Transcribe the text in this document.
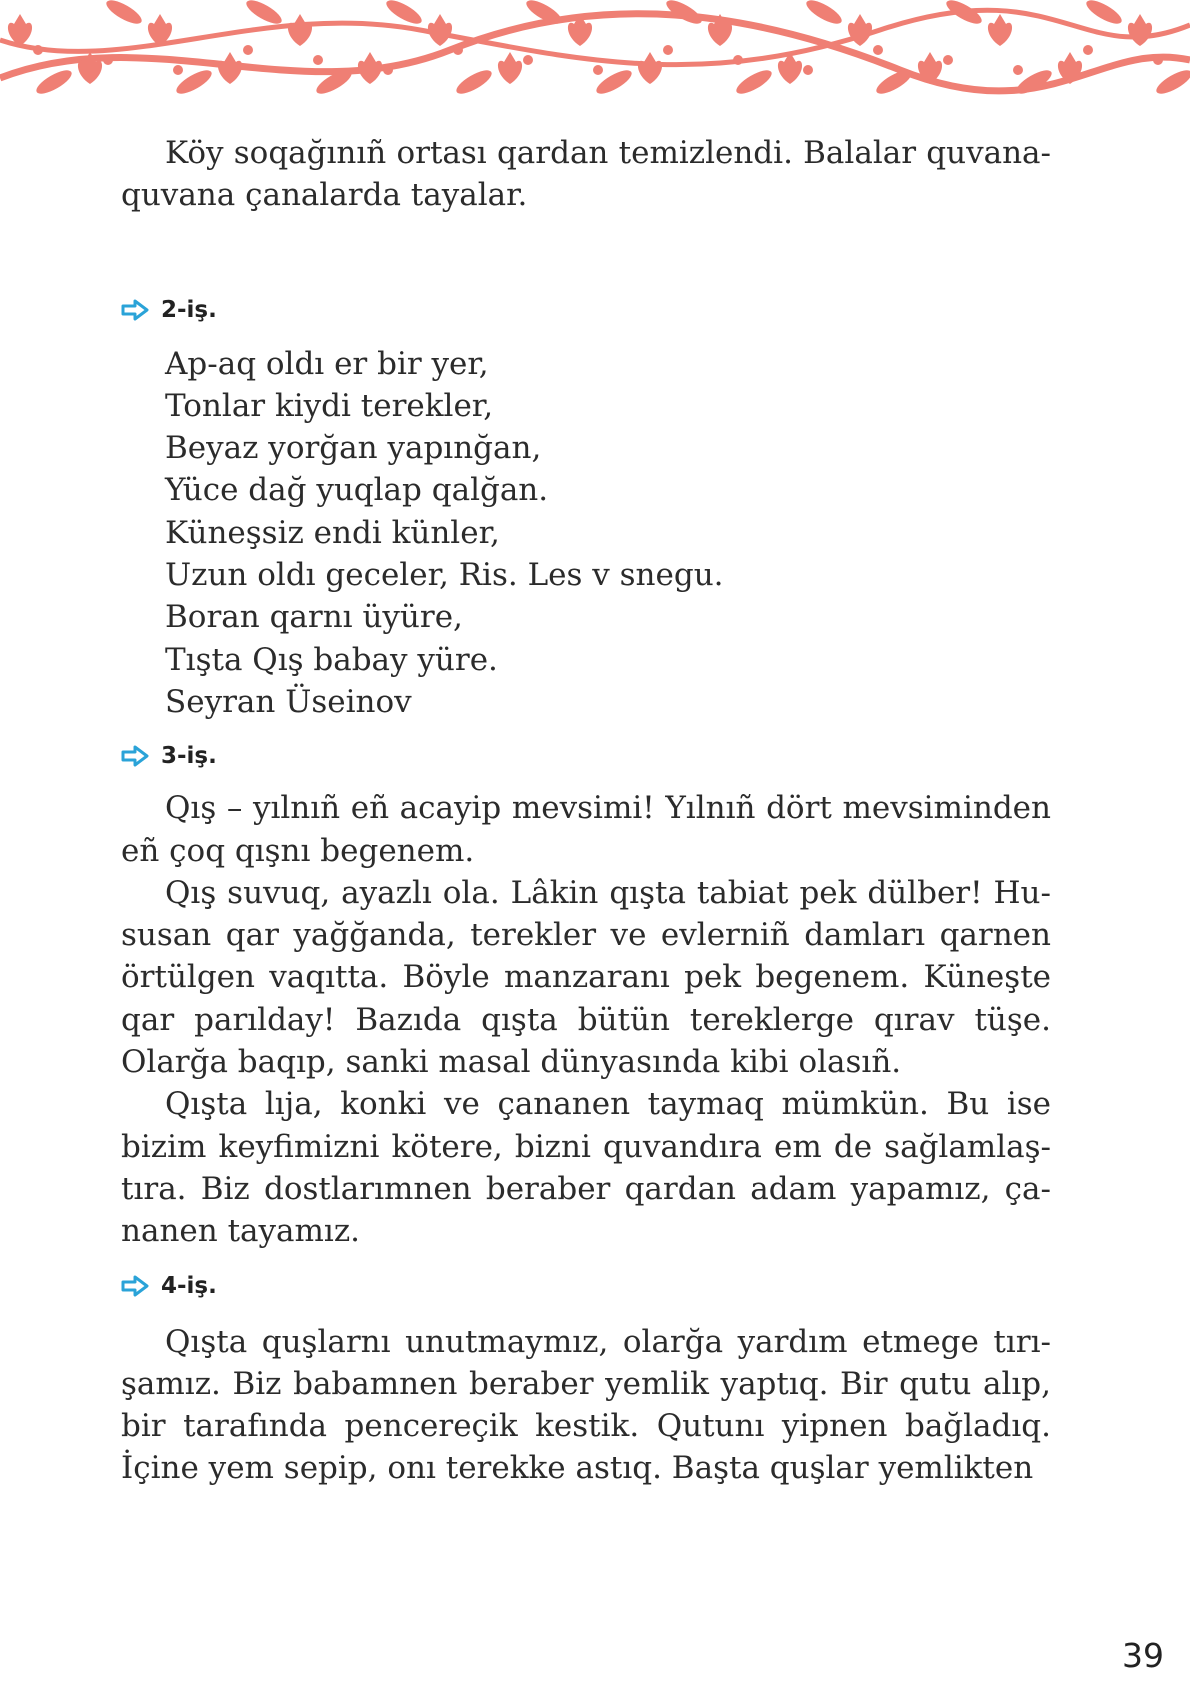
Köy soqağınıñ ortası qardan temizlendi. Balalar quvana-quvana çanalarda tayalar.

2-iş.
Ap-aq oldı er bir yer,
Tonlar kiydi terekler,
Beyaz yorğan yapınğan,
Yüce dağ yuqlap qalğan.
Küneşsiz endi künler,
Uzun oldı geceler, Ris. Les v snegu.
Boran qarnı üyüre,
Tışta Qış babay yüre.
Seyran Üseinov
3-iş.

Qış – yılnıñ eñ acayip mevsimi! Yılnıñ dört mevsiminden eñ çoq qışnı begenem.

Qış suvuq, ayazlı ola. Lâkin qışta tabiat pek dülber! Hususan qar yağğanda, terekler ve evlerniñ damları qarnen örtülgen vaqıtta. Böyle manzaranı pek begenem. Küneşte qar parılday! Bazıda qışta bütün tereklerge qırav tüşe. Olarğa baqıp, sanki masal dünyasında kibi olasıñ.

Qışta lıja, konki ve çananen taymaq mümkün. Bu ise bizim keyfimizni kötere, bizni quvandıra em de sağlamlaştıra. Biz dostlarımnen beraber qardan adam yapamız, çananen tayamız.

4-iş.

Qışta quşlarnı unutmaymız, olarğa yardım etmege tırışamız. Biz babamnen beraber yemlik yaptıq. Bir qutu alıp, bir tarafında pencereçik kestik. Qutunı yipnen bağladıq. İçine yem sepip, onı terekke astıq. Başta quşlar yemlikten

39
